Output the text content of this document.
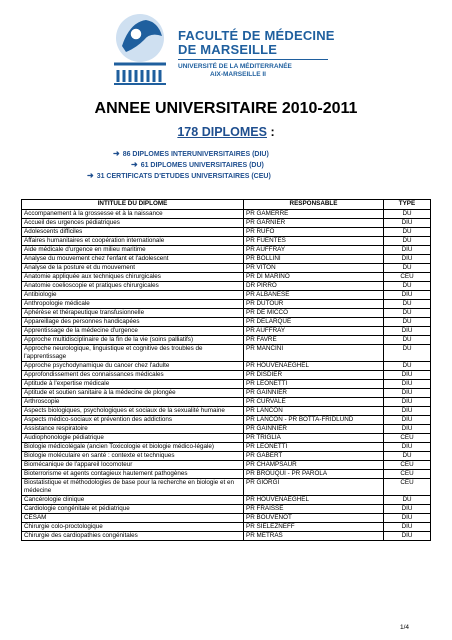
FACULTÉ DE MÉDECINE
DE MARSEILLE
UNIVERSITÉ DE LA MÉDITERRANÉE
AIX-MARSEILLE II
ANNEE UNIVERSITAIRE 2010-2011
178 DIPLOMES :
➜ 86 DIPLOMES INTERUNIVERSITAIRES (DIU)
➜ 61 DIPLOMES UNIVERSITAIRES (DU)
➜ 31 CERTIFICATS D'ETUDES UNIVERSITAIRES (CEU)
INTITULE DU DIPLÔME	RESPONSABLE	TYPE
Accompanement à la grossesse et à la naissance	PR GAMERRE	DU
Accueil des urgences pédiatriques	PR GARNIER	DIU
Adolescents difficiles	PR RUFO	DU
Affaires humanitaires et coopération internationale	PR FUENTES	DU
Aide médicale d'urgence en milieu maritime	PR AUFFRAY	DIU
Analyse du mouvement chez l'enfant et l'adolescent	PR BOLLINI	DIU
Analyse de la posture et du mouvement	PR VITON	DU
Anatomie appliquée aux techniques chirurgicales	PR DI MARINO	CEU
Anatomie coelioscopie et pratiques chirurgicales	DR PIRRO	DU
Antibiologie	PR ALBANESE	DIU
Anthropologie médicale	PR DUTOUR	DU
Aphérèse et thérapeutique transfusionnelle	PR DE MICCO	DU
Appareillage des personnes handicapées	PR DELARQUE	DU
Apprentissage de la médecine d'urgence	PR AUFFRAY	DIU
Approche multidisciplinaire de la fin de la vie (soins palliatifs)	PR FAVRE	DU
Approche neurologique, linguistique et cognitive des troubles de l'apprentissage	PR MANCINI	DU
Approche psychodynamique du cancer chez l'adulte	PR HOUVENAEGHEL	DU
Approfondissement des connaissances médicales	PR DISDIER	DIU
Aptitude à l'expertise médicale	PR LEONETTI	DIU
Aptitude et soutien sanitaire à la médecine de plongée	PR GAINNIER	DIU
Arthroscopie	PR CURVALE	DIU
Aspects biologiques, psychologiques et sociaux de la sexualité humaine	PR LANCON	DIU
Aspects médico-sociaux et prévention des addictions	PR LANCON - PR BOTTA-FRIDLUND	DIU
Assistance respiratoire	PR GAINNIER	DIU
Audiophonologie pédiatrique	PR TRIGLIA	CEU
Biologie médicolégale (ancien Toxicologie et biologie médico-légale)	PR LEONETTI	DIU
Biologie moléculaire en santé : contexte et techniques	PR GABERT	DU
Biomécanique de l'appareil locomoteur	PR CHAMPSAUR	CEU
Bioterrorisme et agents contagieux hautement pathogènes	PR BROUQUI - PR PAROLA	CEU
Biostatistique et méthodologies de base pour la recherche en biologie et en médecine	PR GIORGI	CEU
Cancérologie clinique	PR HOUVENAEGHEL	DU
Cardiologie congénitale et pédiatrique	PR FRAISSE	DIU
CESAM	PR BOUVENOT	DIU
Chirurgie colo-proctologique	PR SIELEZNEFF	DIU
Chirurgie des cardiopathies congénitales	PR METRAS	DIU
1/4
